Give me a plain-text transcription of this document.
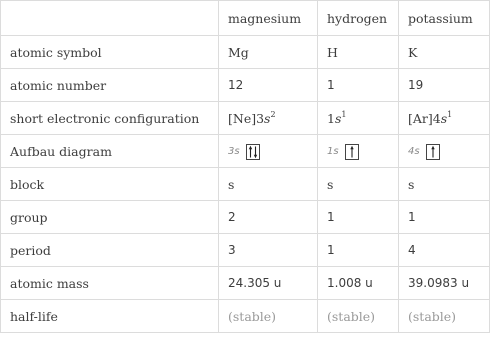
	magnesium	hydrogen	potassium
atomic symbol	Mg	H	K
atomic number	12	1	19
short electronic configuration	$[Ne]3s^2$	$1s^1$	$[Ar]4s^1$
Aufbau diagram	3s	1s	4s

block	s	s	s
group	2	1	1
period	3	1	4
atomic mass	24.305 u	1.008 u	39.0983 u
half-life	(stable)	(stable)	(stable)
